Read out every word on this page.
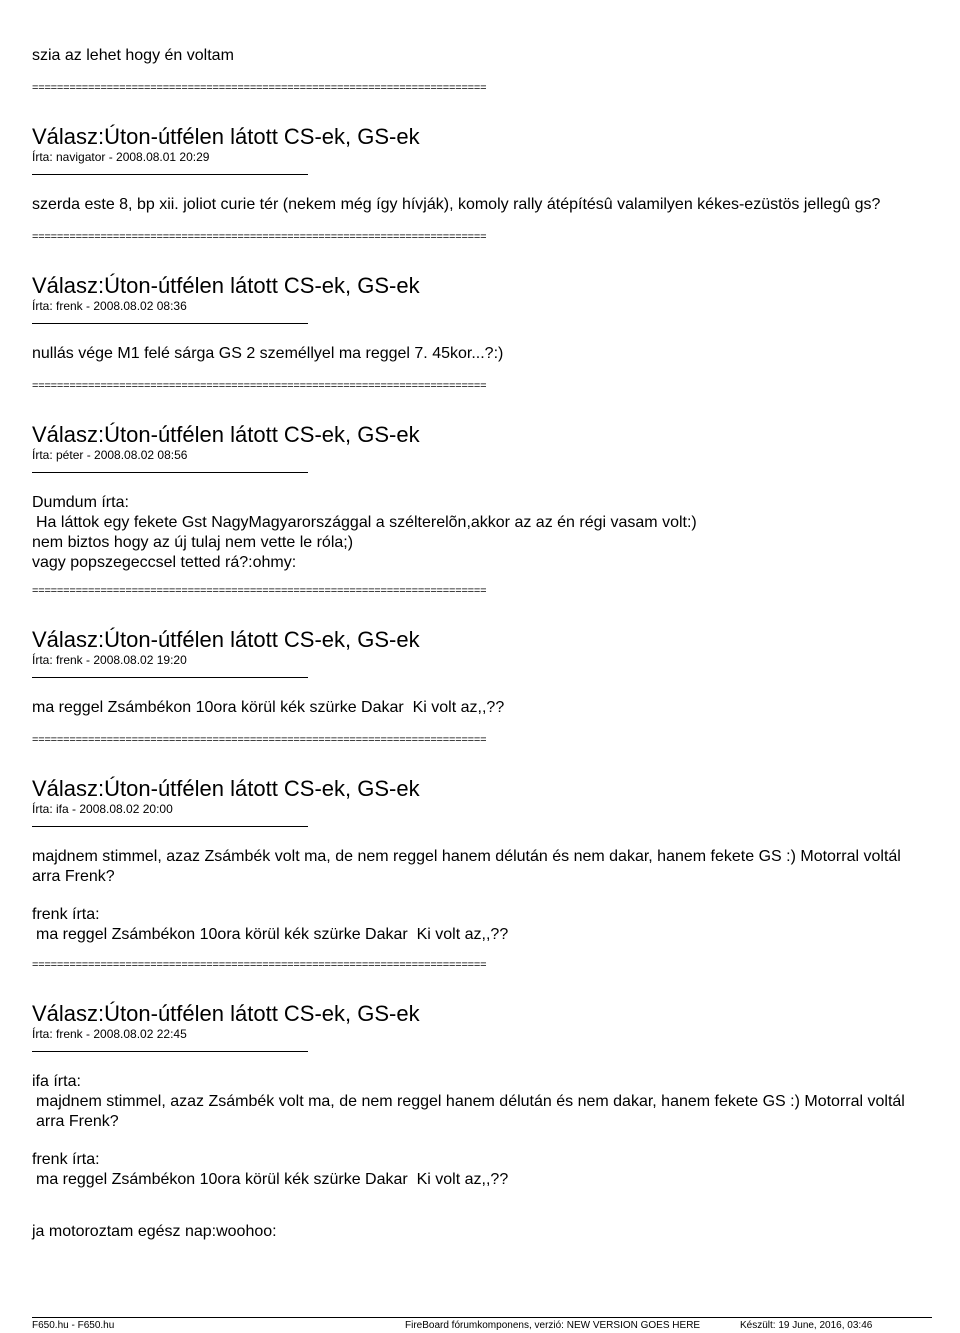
szia az lehet hogy én voltam

=========================================================================

Válasz:Úton-útfélen látott CS-ek, GS-ek

Írta: navigator - 2008.08.01 20:29

szerda este 8, bp xii. joliot curie tér (nekem még így hívják), komoly rally átépítésû valamilyen kékes-ezüstös jellegû gs?

=========================================================================

Válasz:Úton-útfélen látott CS-ek, GS-ek

Írta: frenk - 2008.08.02 08:36

nullás vége M1 felé sárga GS 2 személlyel ma reggel 7. 45kor...?:)

=========================================================================

Válasz:Úton-útfélen látott CS-ek, GS-ek

Írta: péter - 2008.08.02 08:56

Dumdum írta:

Ha láttok egy fekete Gst NagyMagyarországgal a szélterelõn,akkor az az én régi vasam volt:)

nem biztos hogy az új tulaj nem vette le róla;)

vagy popszegeccsel tetted rá?:ohmy:

=========================================================================

Válasz:Úton-útfélen látott CS-ek, GS-ek

Írta: frenk - 2008.08.02 19:20

ma reggel Zsámbékon 10ora körül kék szürke Dakar  Ki volt az,,??

=========================================================================

Válasz:Úton-útfélen látott CS-ek, GS-ek

Írta: ifa - 2008.08.02 20:00

majdnem stimmel, azaz Zsámbék volt ma, de nem reggel hanem délután és nem dakar, hanem fekete GS :) Motorral voltál arra Frenk?

frenk írta:

ma reggel Zsámbékon 10ora körül kék szürke Dakar  Ki volt az,,??

=========================================================================

Válasz:Úton-útfélen látott CS-ek, GS-ek

Írta: frenk - 2008.08.02 22:45

ifa írta:

majdnem stimmel, azaz Zsámbék volt ma, de nem reggel hanem délután és nem dakar, hanem fekete GS :) Motorral voltál arra Frenk?

frenk írta:

ma reggel Zsámbékon 10ora körül kék szürke Dakar  Ki volt az,,??

ja motoroztam egész nap:woohoo:

F650.hu - F650.hu	FireBoard fórumkomponens, verzió: NEW VERSION GOES HERE	Készült: 19 June, 2016, 03:46
